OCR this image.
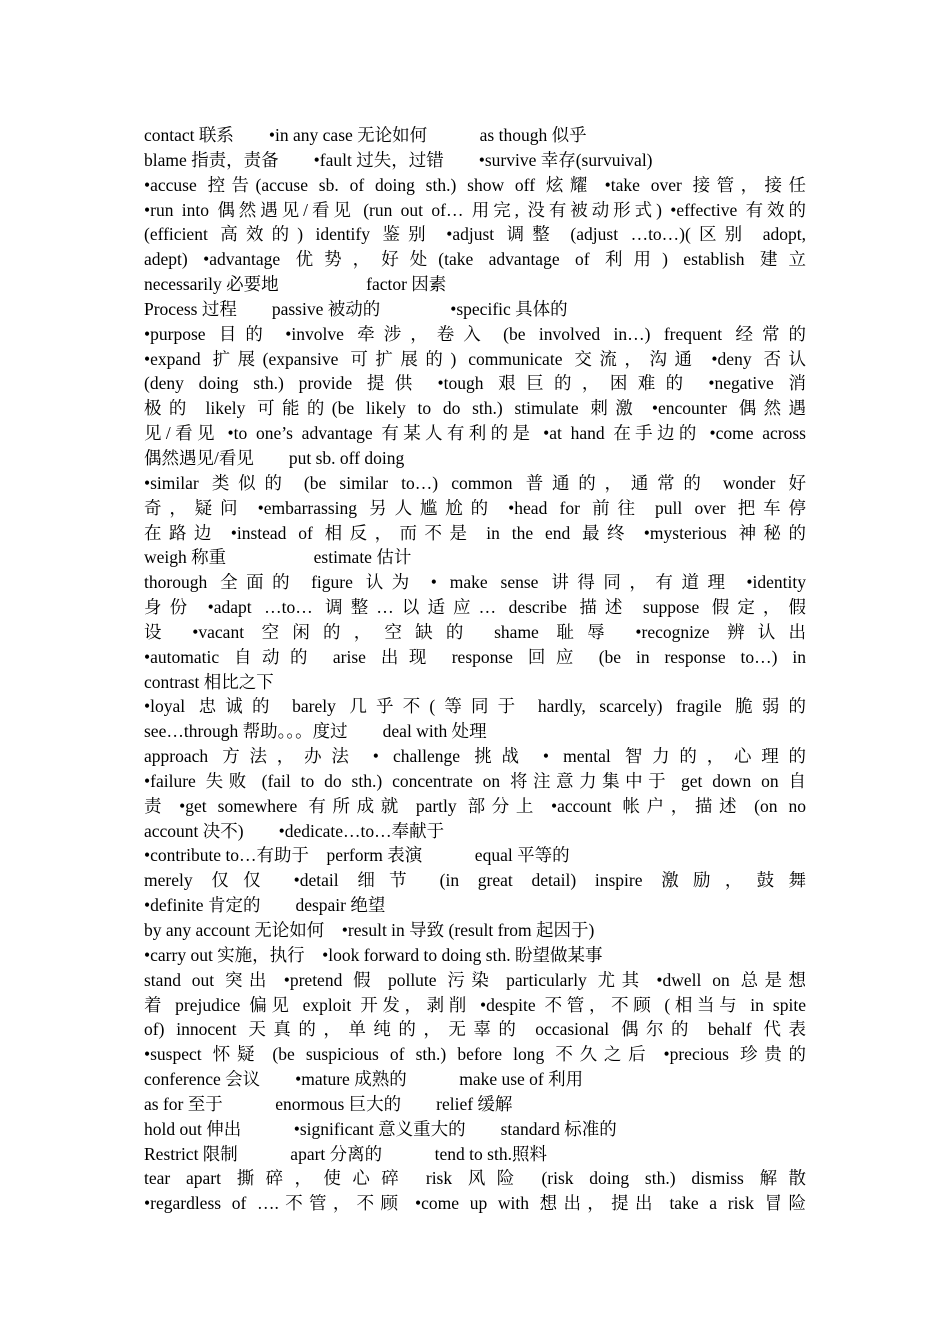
contact 联系　　•in any case 无论如何　　　as though 似乎
blame 指责，责备　　•fault 过失，过错　　•survive 幸存(survuival)
•accuse 控告(accuse sb. of doing sth.) show off 炫耀 •take over 接管，接任
•run into 偶然遇见/看见 (run out of… 用完, 没有被动形式) •effective 有效的
(efficient 高效的) identify 鉴别 •adjust 调整 (adjust …to…)(区别 adopt,
adept) •advantage 优势，好处(take advantage of 利用) establish 建立
necessarily 必要地　　　　　factor 因素
Process 过程　　passive 被动的　　　　•specific 具体的
•purpose 目的 •involve 牵涉，卷入 (be involved in…) frequent 经常的
•expand 扩展(expansive 可扩展的) communicate 交流，沟通 •deny 否认
(deny doing sth.) provide 提供 •tough 艰巨的，困难的 •negative 消
极的 likely 可能的(be likely to do sth.) stimulate 刺激 •encounter 偶然遇
见/看见 •to one’s advantage 有某人有利的是 •at hand 在手边的 •come across
偶然遇见/看见　　put sb. off doing
•similar 类似的 (be similar to…) common 普通的，通常的 wonder 好
奇，疑问 •embarrassing 另人尴尬的 •head for 前往 pull over 把车停
在路边 •instead of 相反，而不是 in the end 最终 •mysterious 神秘的
weigh 称重　　　　　estimate 估计
thorough 全面的 figure 认为 • make sense 讲得同，有道理 •identity
身份 •adapt …to… 调整…以适应… describe 描述 suppose 假定，假
设 •vacant 空闲的，空缺的 shame 耻辱 •recognize 辨认出
•automatic 自动的 arise 出现 response 回应 (be in response to…) in
contrast 相比之下
•loyal 忠诚的 barely 几乎不(等同于 hardly, scarcely) fragile 脆弱的
see…through 帮助。。。度过　　deal with 处理
approach 方法，办法 • challenge 挑战 • mental 智力的，心理的
•failure 失败 (fail to do sth.) concentrate on 将注意力集中于 get down on 自
责 •get somewhere 有所成就 partly 部分上 •account 帐户，描述 (on no
account 决不)　　•dedicate…to…奉献于
•contribute to…有助于　perform 表演　　　equal 平等的
merely 仅仅 •detail 细节 (in great detail) inspire 激励，鼓舞
•definite 肯定的　　despair 绝望
by any account 无论如何　•result in 导致 (result from 起因于)
•carry out 实施，执行　•look forward to doing sth. 盼望做某事
stand out 突出 •pretend 假 pollute 污染 particularly 尤其 •dwell on 总是想
着 prejudice 偏见 exploit 开发，剥削 •despite 不管，不顾 (相当与 in spite
of) innocent 天真的，单纯的，无辜的 occasional 偶尔的 behalf 代表
•suspect 怀疑 (be suspicious of sth.) before long 不久之后 •precious 珍贵的
conference 会议　　•mature 成熟的　　　make use of 利用
as for 至于　　　enormous 巨大的　　relief 缓解
hold out 伸出　　　•significant 意义重大的　　standard 标准的
Restrict 限制　　　apart 分离的　　　tend to sth.照料
tear apart 撕碎，使心碎 risk 风险 (risk doing sth.) dismiss 解散
•regardless of ….不管，不顾 •come up with 想出，提出 take a risk 冒险
